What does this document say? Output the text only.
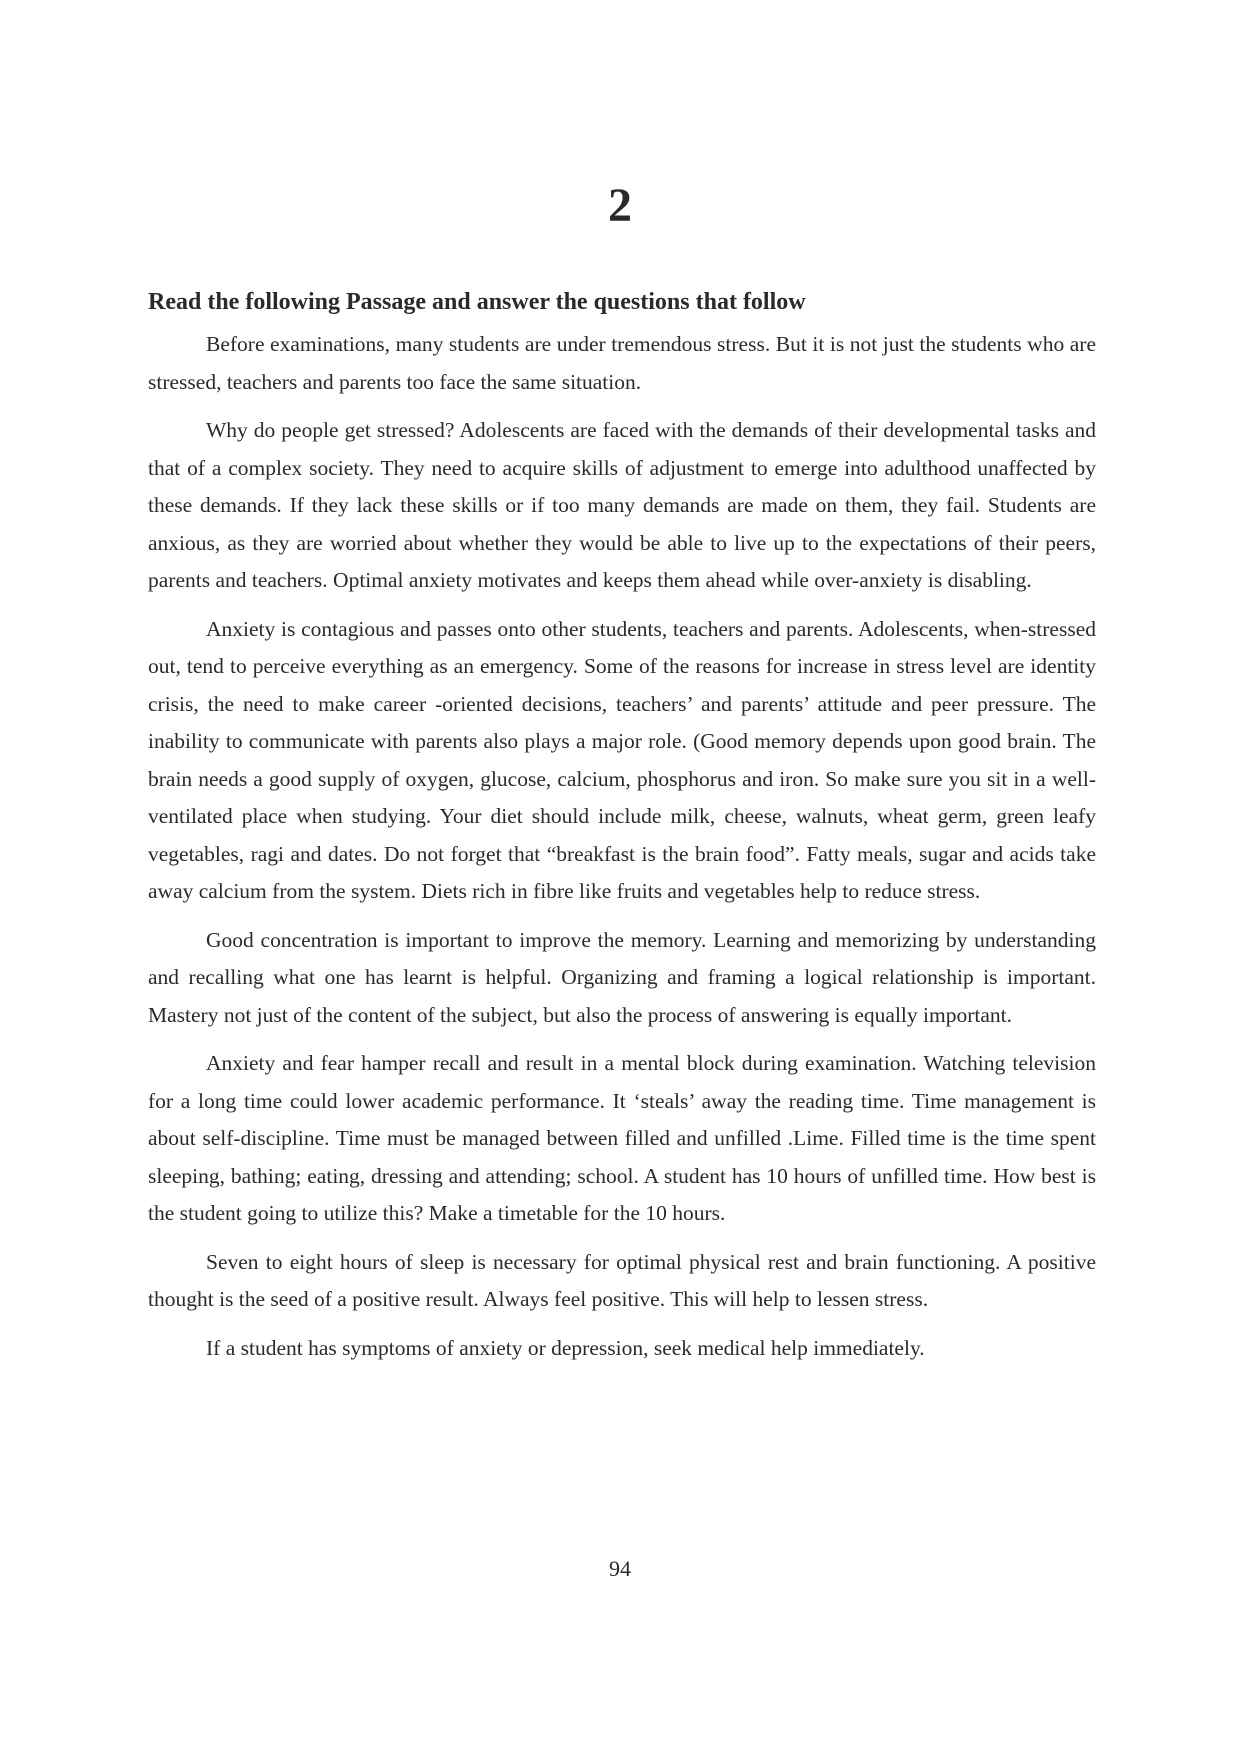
2
Read the following Passage and answer the questions that follow

Before examinations, many students are under tremendous stress. But it is not just the students who are stressed, teachers and parents too face the same situation.

Why do people get stressed? Adolescents are faced with the demands of their developmental tasks and that of a complex society. They need to acquire skills of adjustment to emerge into adulthood unaffected by these demands. If they lack these skills or if too many demands are made on them, they fail. Students are anxious, as they are worried about whether they would be able to live up to the expectations of their peers, parents and teachers. Optimal anxiety motivates and keeps them ahead while over-anxiety is disabling.

Anxiety is contagious and passes onto other students, teachers and parents. Adolescents, when-stressed out, tend to perceive everything as an emergency. Some of the reasons for increase in stress level are identity crisis, the need to make career -oriented decisions, teachers’ and parents’ attitude and peer pressure. The inability to communicate with parents also plays a major role. (Good memory depends upon good brain. The brain needs a good supply of oxygen, glucose, calcium, phosphorus and iron. So make sure you sit in a well- ventilated place when studying. Your diet should include milk, cheese, walnuts, wheat germ, green leafy vegetables, ragi and dates. Do not forget that “breakfast is the brain food”. Fatty meals, sugar and acids take away calcium from the system. Diets rich in fibre like fruits and vegetables help to reduce stress.

Good concentration is important to improve the memory. Learning and memorizing by understanding and recalling what one has learnt is helpful. Organizing and framing a logical relationship is important. Mastery not just of the content of the subject, but also the process of answering is equally important.

Anxiety and fear hamper recall and result in a mental block during examination. Watching television for a long time could lower academic performance. It ‘steals’ away the reading time. Time management is about self-discipline. Time must be managed between filled and unfilled .Lime. Filled time is the time spent sleeping, bathing; eating, dressing and attending; school. A student has 10 hours of unfilled time. How best is the student going to utilize this? Make a timetable for the 10 hours.

Seven to eight hours of sleep is necessary for optimal physical rest and brain functioning. A positive thought is the seed of a positive result. Always feel positive. This will help to lessen stress.

If a student has symptoms of anxiety or depression, seek medical help immediately.

94
